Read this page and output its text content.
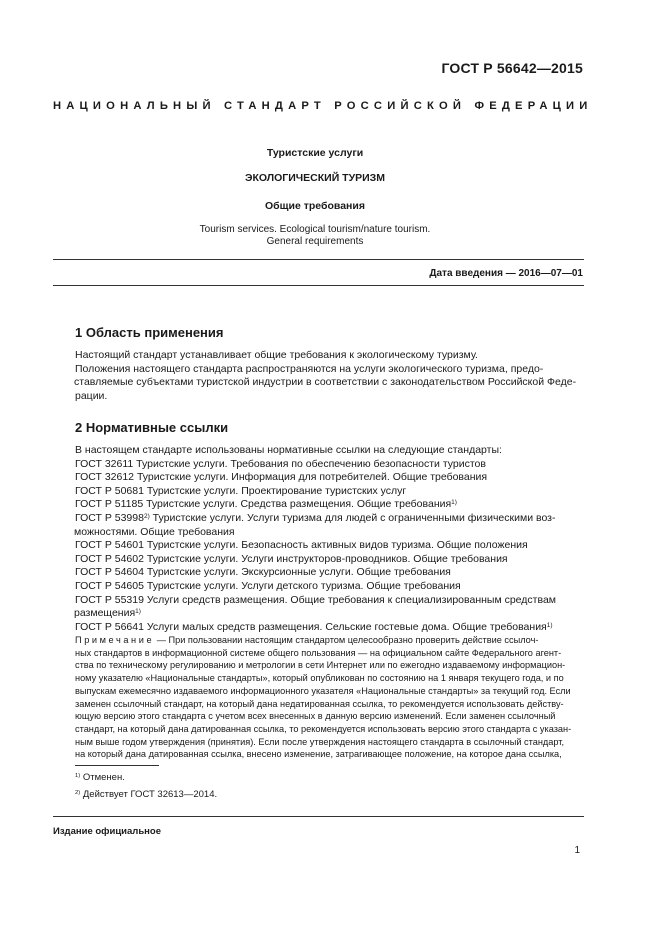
ГОСТ Р 56642—2015
НАЦИОНАЛЬНЫЙ СТАНДАРТ РОССИЙСКОЙ ФЕДЕРАЦИИ
Туристские услуги
ЭКОЛОГИЧЕСКИЙ ТУРИЗМ
Общие требования
Tourism services. Ecological tourism/nature tourism.
General requirements
Дата введения — 2016—07—01
1 Область применения
Настоящий стандарт устанавливает общие требования к экологическому туризму.
Положения настоящего стандарта распространяются на услуги экологического туризма, предо-
ставляемые субъектами туристской индустрии в соответствии с законодательством Российской Феде-
рации.
2 Нормативные ссылки
В настоящем стандарте использованы нормативные ссылки на следующие стандарты:
ГОСТ 32611 Туристские услуги. Требования по обеспечению безопасности туристов
ГОСТ 32612 Туристские услуги. Информация для потребителей. Общие требования
ГОСТ Р 50681 Туристские услуги. Проектирование туристских услуг
ГОСТ Р 51185 Туристские услуги. Средства размещения. Общие требования$^{1)}$
ГОСТ Р 53998$^{2)}$ Туристские услуги. Услуги туризма для людей с ограниченными физическими воз-
можностями. Общие требования
ГОСТ Р 54601 Туристские услуги. Безопасность активных видов туризма. Общие положения
ГОСТ Р 54602 Туристские услуги. Услуги инструкторов-проводников. Общие требования
ГОСТ Р 54604 Туристские услуги. Экскурсионные услуги. Общие требования
ГОСТ Р 54605 Туристские услуги. Услуги детского туризма. Общие требования
ГОСТ Р 55319 Услуги средств размещения. Общие требования к специализированным средствам
размещения$^{1)}$
ГОСТ Р 56641 Услуги малых средств размещения. Сельские гостевые дома. Общие требования$^{1)}$
Примечание — При пользовании настоящим стандартом целесообразно проверить действие ссылоч-
ных стандартов в информационной системе общего пользования — на официальном сайте Федерального агент-
ства по техническому регулированию и метрологии в сети Интернет или по ежегодно издаваемому информацион-
ному указателю «Национальные стандарты», который опубликован по состоянию на 1 января текущего года, и по
выпускам ежемесячно издаваемого информационного указателя «Национальные стандарты» за текущий год. Если
заменен ссылочный стандарт, на который дана недатированная ссылка, то рекомендуется использовать действу-
ющую версию этого стандарта с учетом всех внесенных в данную версию изменений. Если заменен ссылочный
стандарт, на который дана датированная ссылка, то рекомендуется использовать версию этого стандарта с указан-
ным выше годом утверждения (принятия). Если после утверждения настоящего стандарта в ссылочный стандарт,
на который дана датированная ссылка, внесено изменение, затрагивающее положение, на которое дана ссылка,
$^{1)}$ Отменен.
$^{2)}$ Действует ГОСТ 32613—2014.
Издание официальное
1
